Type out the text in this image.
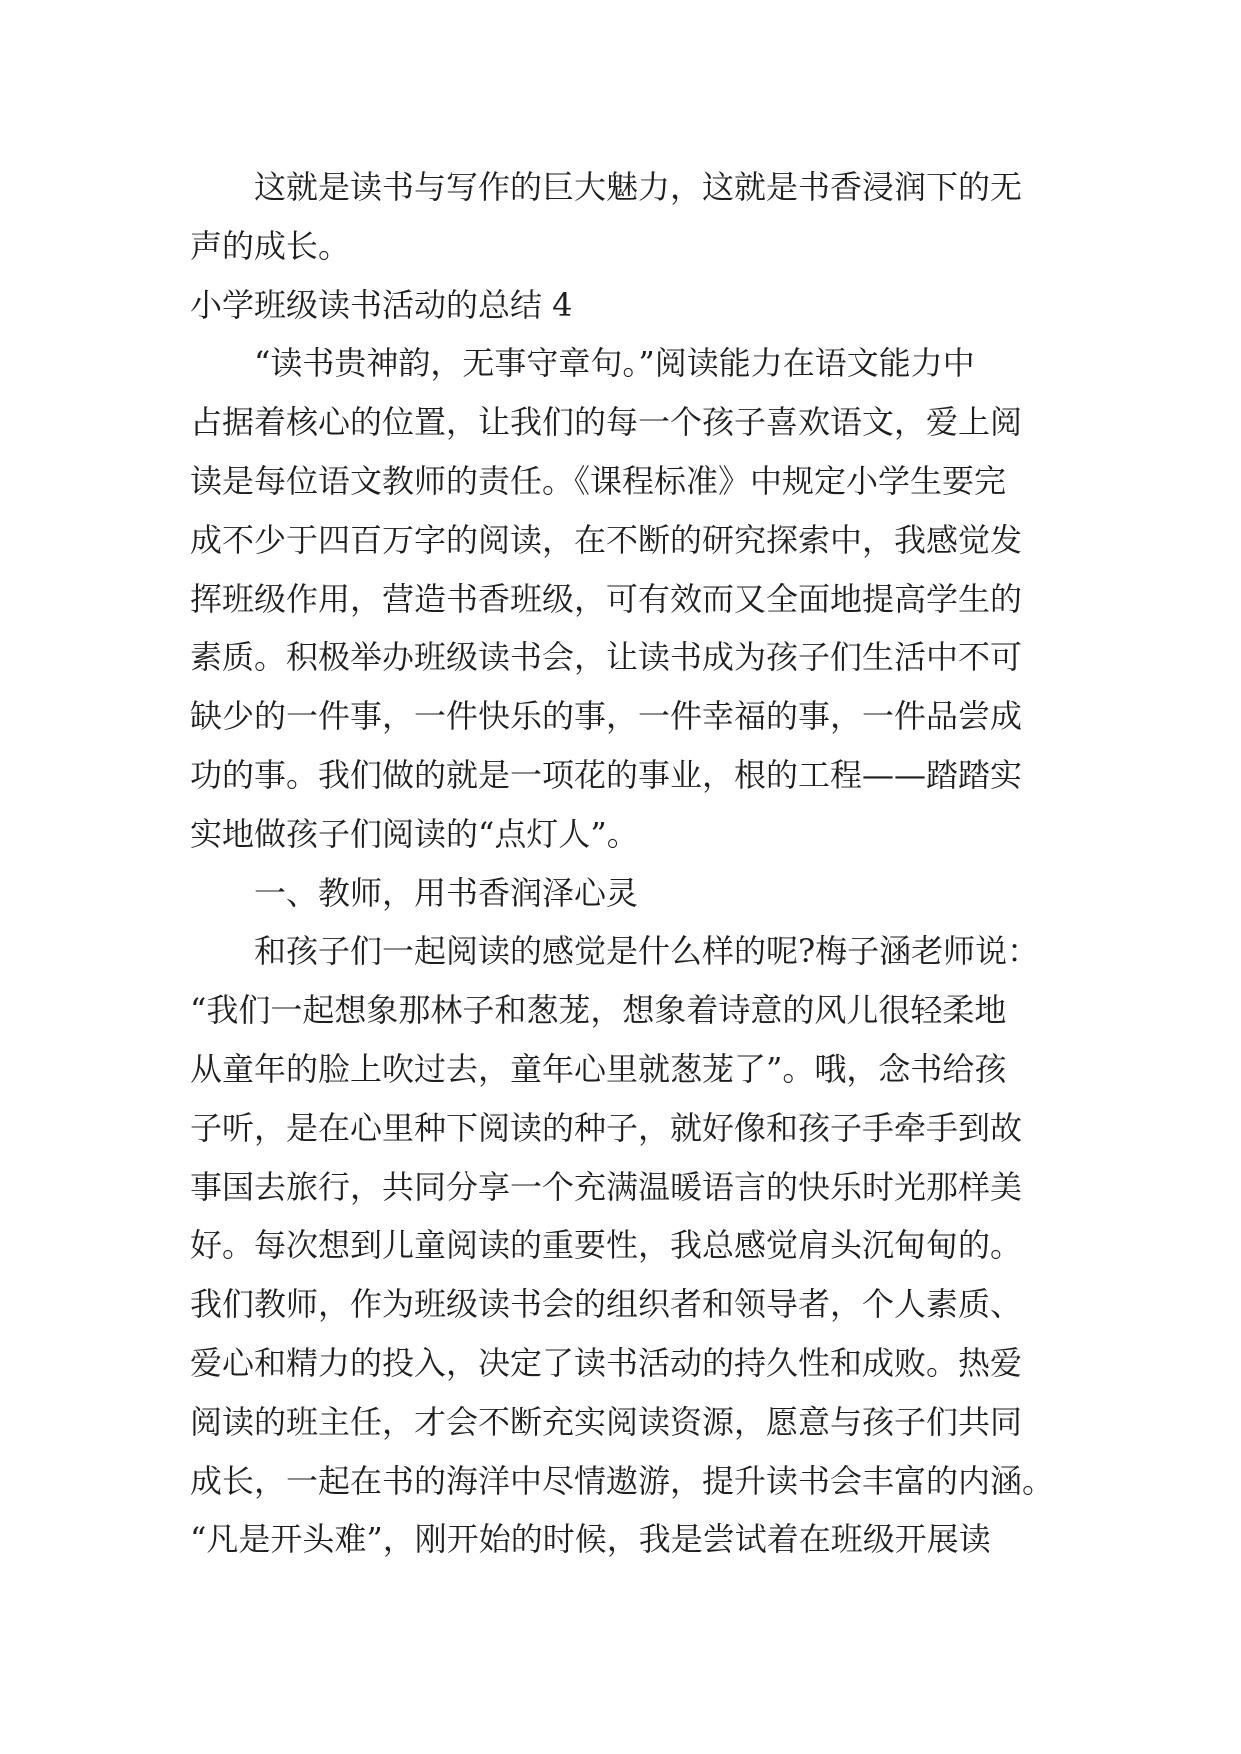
这就是读书与写作的巨大魅力，这就是书香浸润下的无
声的成长。
小学班级读书活动的总结 4
“读书贵神韵，无事守章句。”阅读能力在语文能力中
占据着核心的位置，让我们的每一个孩子喜欢语文，爱上阅
读是每位语文教师的责任。《课程标准》中规定小学生要完
成不少于四百万字的阅读，在不断的研究探索中，我感觉发
挥班级作用，营造书香班级，可有效而又全面地提高学生的
素质。积极举办班级读书会，让读书成为孩子们生活中不可
缺少的一件事，一件快乐的事，一件幸福的事，一件品尝成
功的事。我们做的就是一项花的事业，根的工程——踏踏实
实地做孩子们阅读的“点灯人”。
一、教师，用书香润泽心灵
和孩子们一起阅读的感觉是什么样的呢?梅子涵老师说：
“我们一起想象那林子和葱茏，想象着诗意的风儿很轻柔地
从童年的脸上吹过去，童年心里就葱茏了”。哦，念书给孩
子听，是在心里种下阅读的种子，就好像和孩子手牵手到故
事国去旅行，共同分享一个充满温暖语言的快乐时光那样美
好。每次想到儿童阅读的重要性，我总感觉肩头沉甸甸的。
我们教师，作为班级读书会的组织者和领导者，个人素质、
爱心和精力的投入，决定了读书活动的持久性和成败。热爱
阅读的班主任，才会不断充实阅读资源，愿意与孩子们共同
成长，一起在书的海洋中尽情遨游，提升读书会丰富的内涵。
“凡是开头难”，刚开始的时候，我是尝试着在班级开展读
